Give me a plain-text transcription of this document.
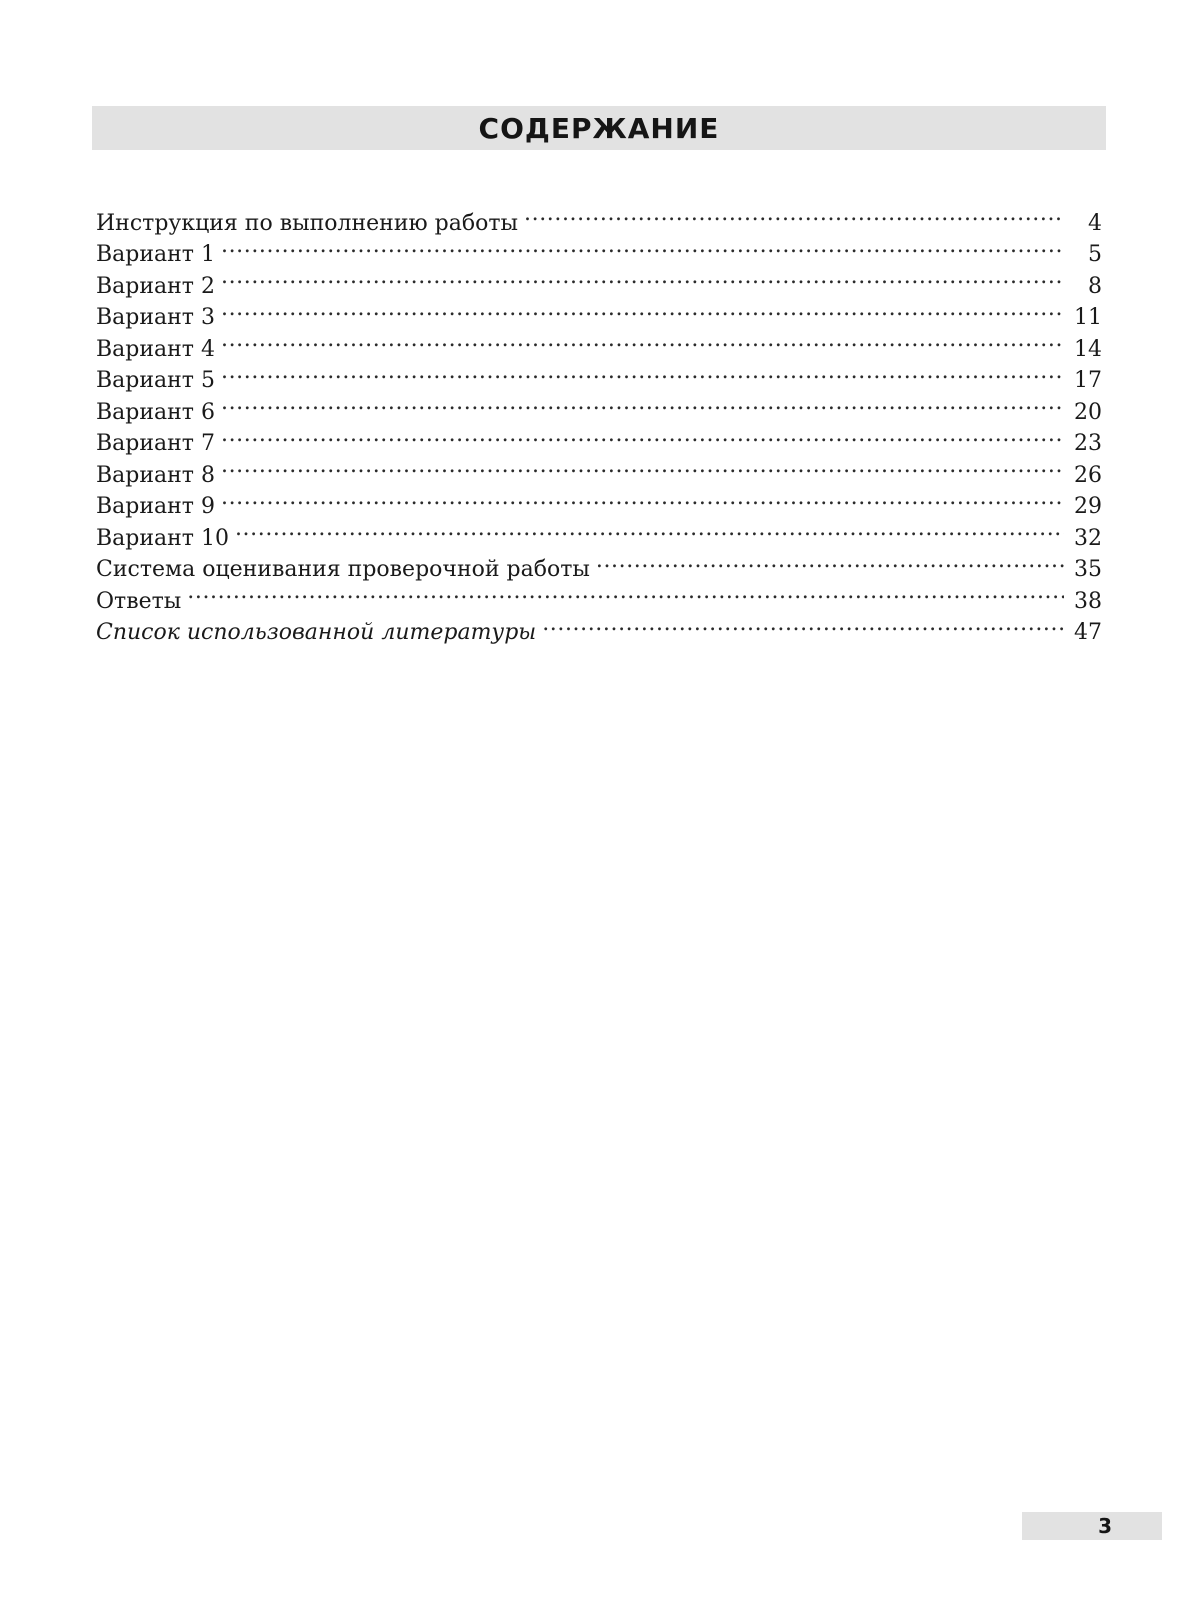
СОДЕРЖАНИЕ
Инструкция по выполнению работы . . .	4
Вариант 1 . . .	5
Вариант 2 . . .	8
Вариант 3 . . .	11
Вариант 4 . . .	14
Вариант 5 . . .	17
Вариант 6 . . .	20
Вариант 7 . . .	23
Вариант 8 . . .	26
Вариант 9 . . .	29
Вариант 10 . . .	32
Система оценивания проверочной работы . . .	35
Ответы . . .	38
Список использованной литературы . . .	47
3
